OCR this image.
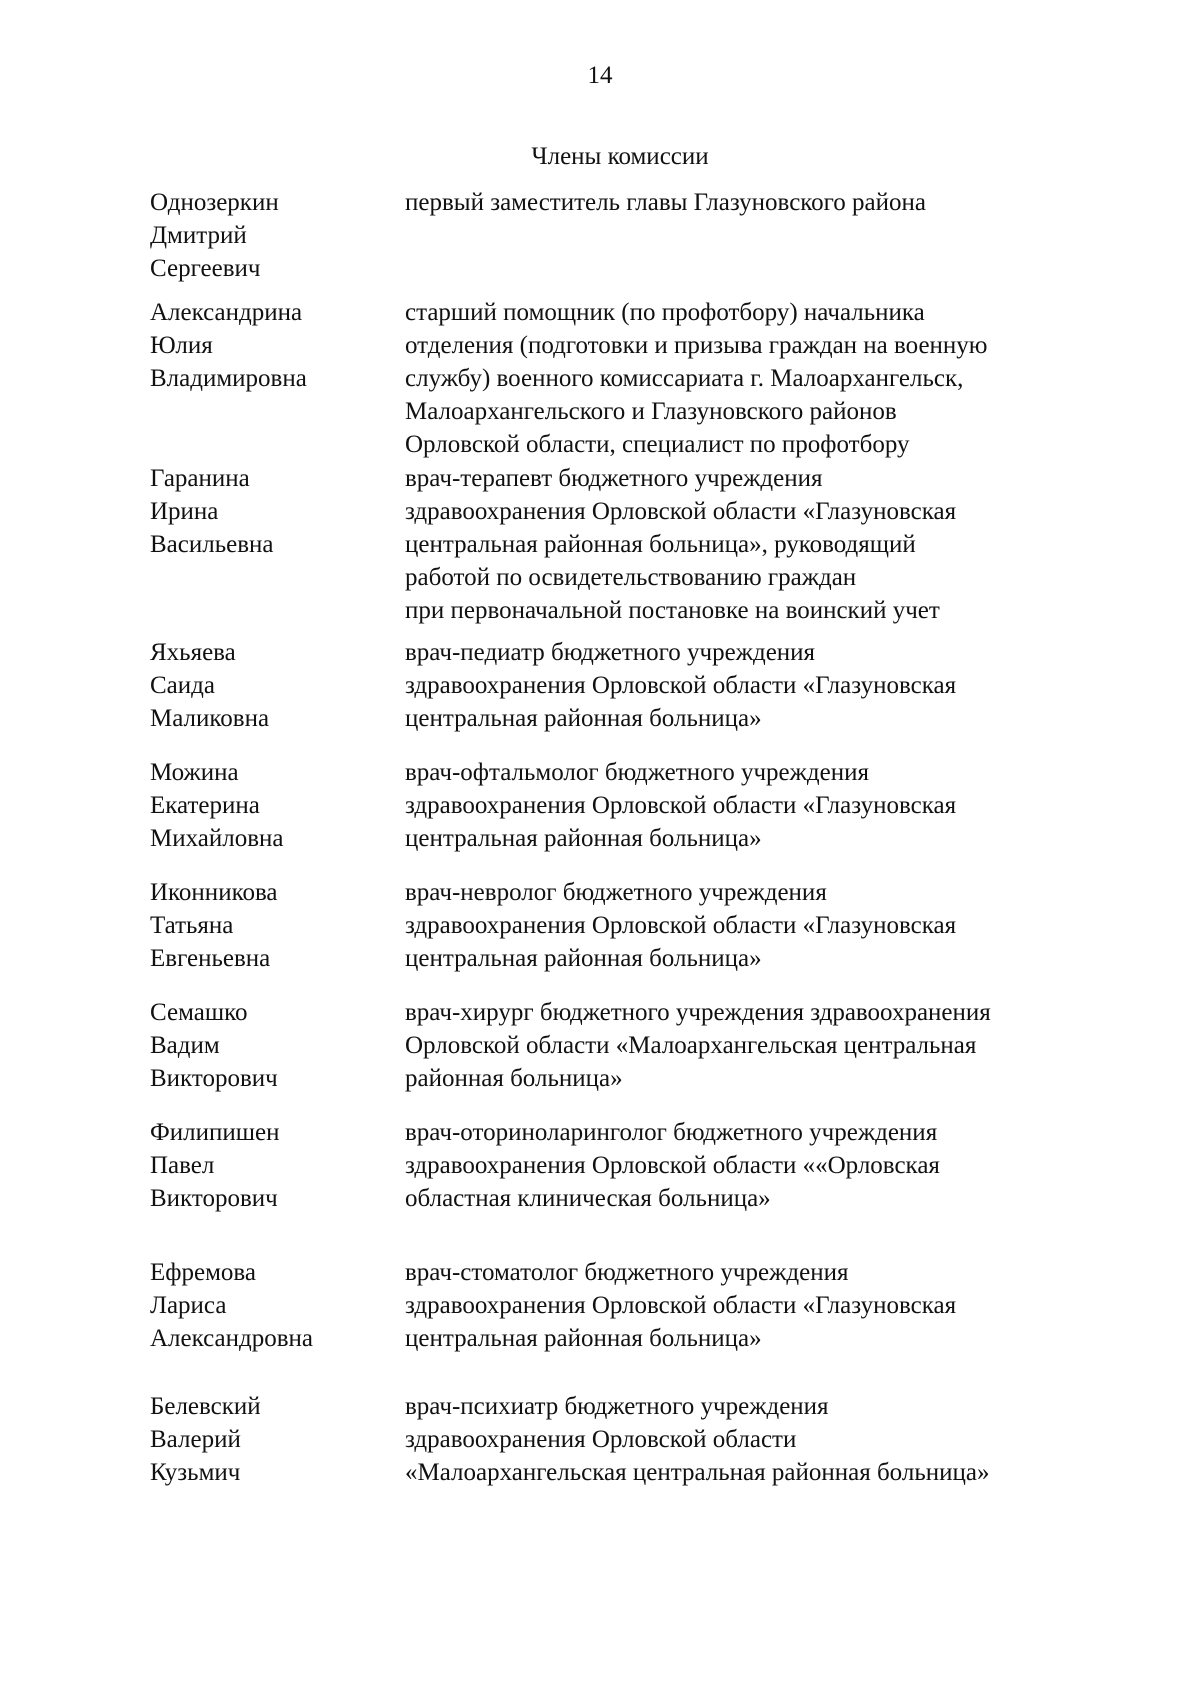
14
Члены комиссии
Однозеркин
Дмитрий
Сергеевич
первый заместитель главы Глазуновского района
Александрина
Юлия
Владимировна
старший помощник (по профотбору) начальника
отделения (подготовки и призыва граждан на военную
службу) военного комиссариата г. Малоархангельск,
Малоархангельского и Глазуновского районов
Орловской области, специалист по профотбору
Гаранина
Ирина
Васильевна
врач-терапевт бюджетного учреждения
здравоохранения Орловской области «Глазуновская
центральная районная больница», руководящий
работой по освидетельствованию граждан
при первоначальной постановке на воинский учет
Яхьяева
Саида
Маликовна
врач-педиатр бюджетного учреждения
здравоохранения Орловской области «Глазуновская
центральная районная больница»
Можина
Екатерина
Михайловна
врач-офтальмолог бюджетного учреждения
здравоохранения Орловской области «Глазуновская
центральная районная больница»
Иконникова
Татьяна
Евгеньевна
врач-невролог бюджетного учреждения
здравоохранения Орловской области «Глазуновская
центральная районная больница»
Семашко
Вадим
Викторович
врач-хирург бюджетного учреждения здравоохранения
Орловской области «Малоархангельская центральная
районная больница»
Филипишен
Павел
Викторович
врач-оториноларинголог бюджетного учреждения
здравоохранения Орловской области ««Орловская
областная клиническая больница»
Ефремова
Лариса
Александровна
врач-стоматолог бюджетного учреждения
здравоохранения Орловской области «Глазуновская
центральная районная больница»
Белевский
Валерий
Кузьмич
врач-психиатр бюджетного учреждения
здравоохранения Орловской области
«Малоархангельская центральная районная больница»
